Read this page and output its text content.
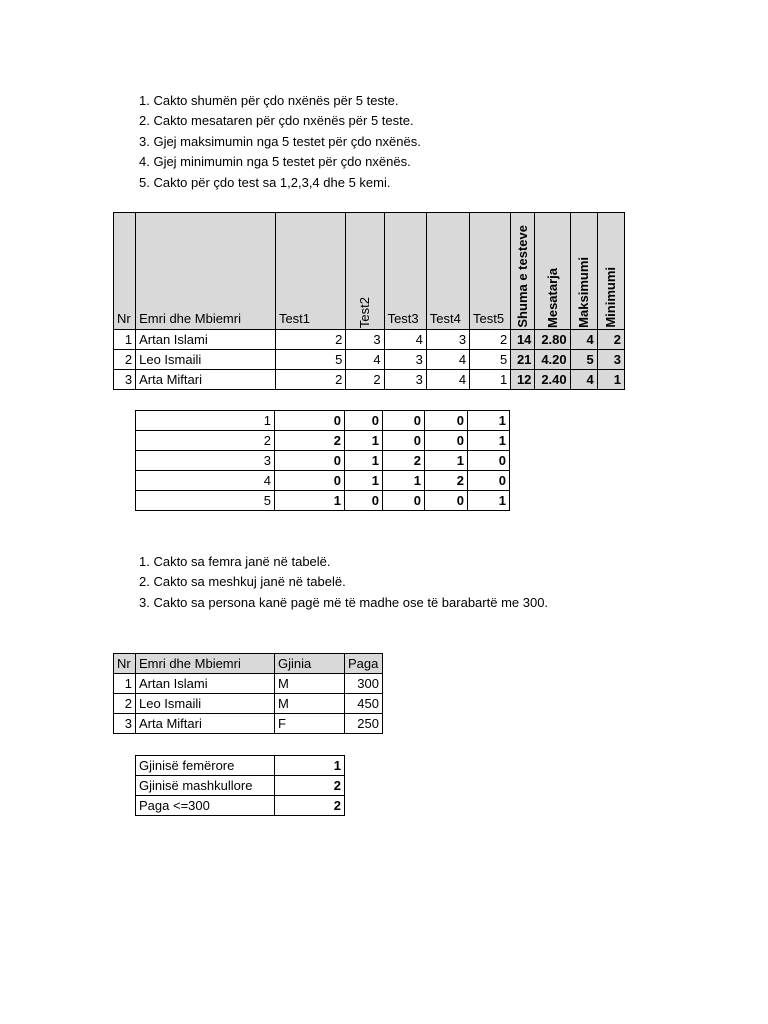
1. Cakto shumën për çdo nxënës për 5 teste.
2. Cakto mesataren për çdo nxënës për 5 teste.
3. Gjej maksimumin nga 5 testet për çdo nxënës.
4. Gjej minimumin nga 5 testet për çdo nxënës.
5. Cakto për çdo test sa 1,2,3,4 dhe 5 kemi.
Nr	Emri dhe Mbiemri	Test1	Test2	Test3	Test4	Test5	Shuma e testeve	Mesatarja	Maksimumi	Minimumi

1	Artan Islami	2	3	4	3	2	14	2.80	4	2
2	Leo Ismaili	5	4	3	4	5	21	4.20	5	3
3	Arta Miftari	2	2	3	4	1	12	2.40	4	1
1	0	0	0	0	1
2	2	1	0	0	1
3	0	1	2	1	0
4	0	1	1	2	0
5	1	0	0	0	1
1. Cakto sa femra janë në tabelë.
2. Cakto sa meshkuj janë në tabelë.
3. Cakto sa persona kanë pagë më të madhe ose të barabartë me 300.
Nr	Emri dhe Mbiemri	Gjinia	Paga
1	Artan Islami	M	300
2	Leo Ismaili	M	450
3	Arta Miftari	F	250
Gjinisë femërore	1
Gjinisë mashkullore	2
Paga <=300	2
